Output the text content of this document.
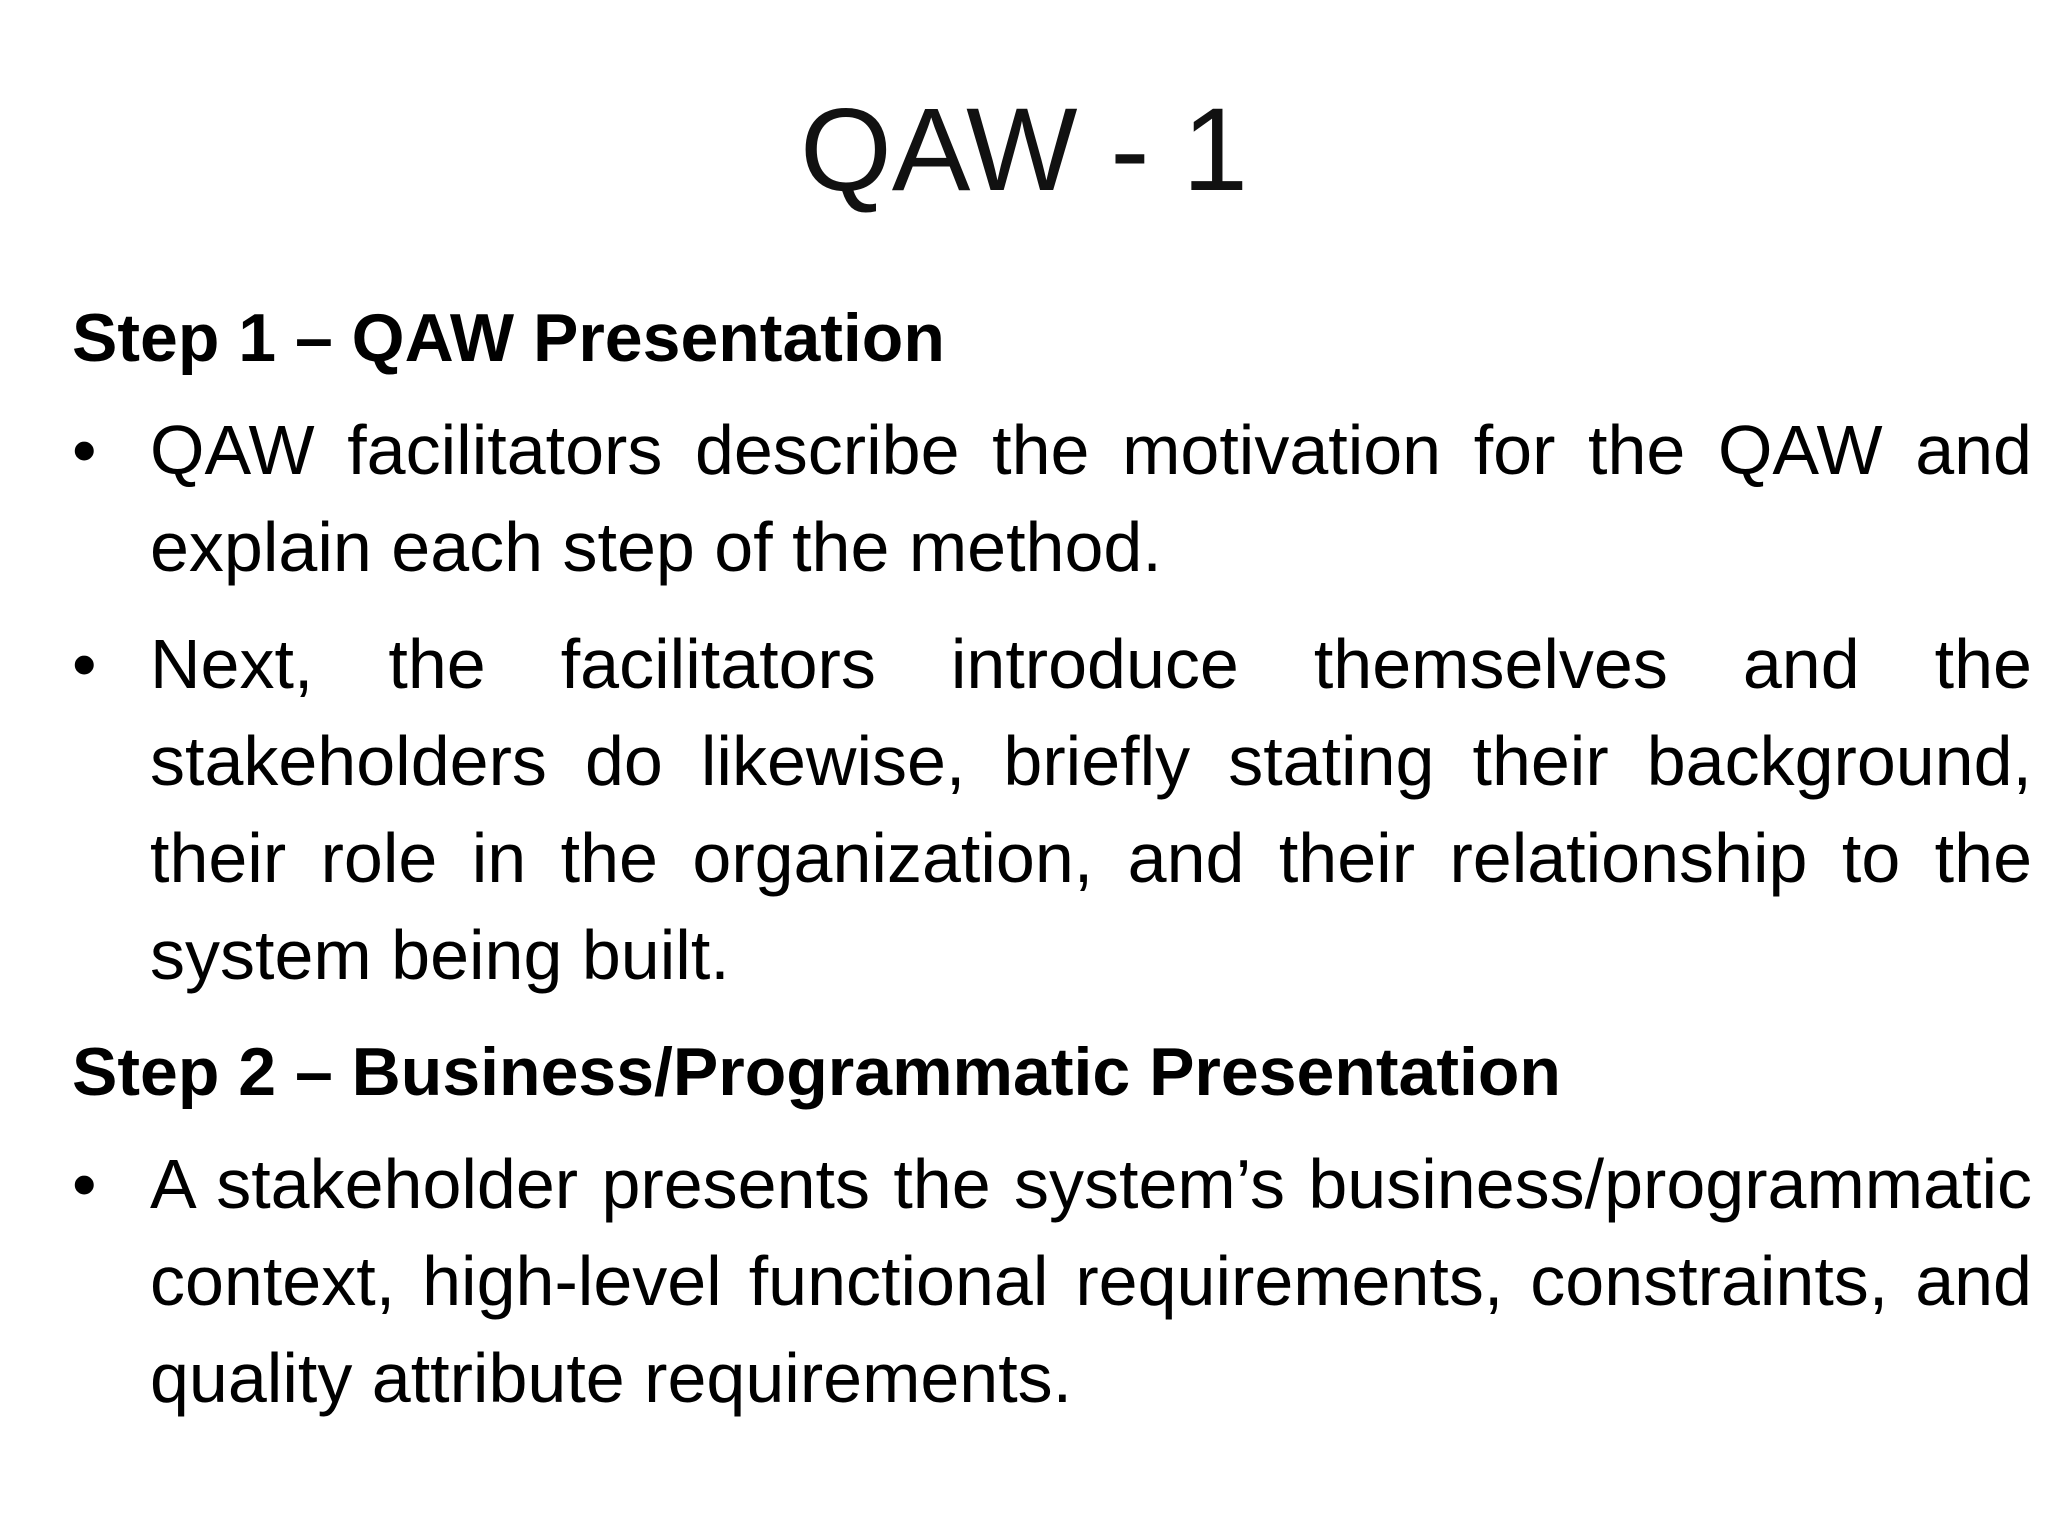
QAW - 1
Step 1 – QAW Presentation
• QAW facilitators describe the motivation for the QAW and explain each step of the method.
• Next, the facilitators introduce themselves and the stakeholders do likewise, briefly stating their background, their role in the organization, and their relationship to the system being built.
Step 2 – Business/Programmatic Presentation
• A stakeholder presents the system’s business/programmatic context, high-level functional requirements, constraints, and quality attribute requirements.
